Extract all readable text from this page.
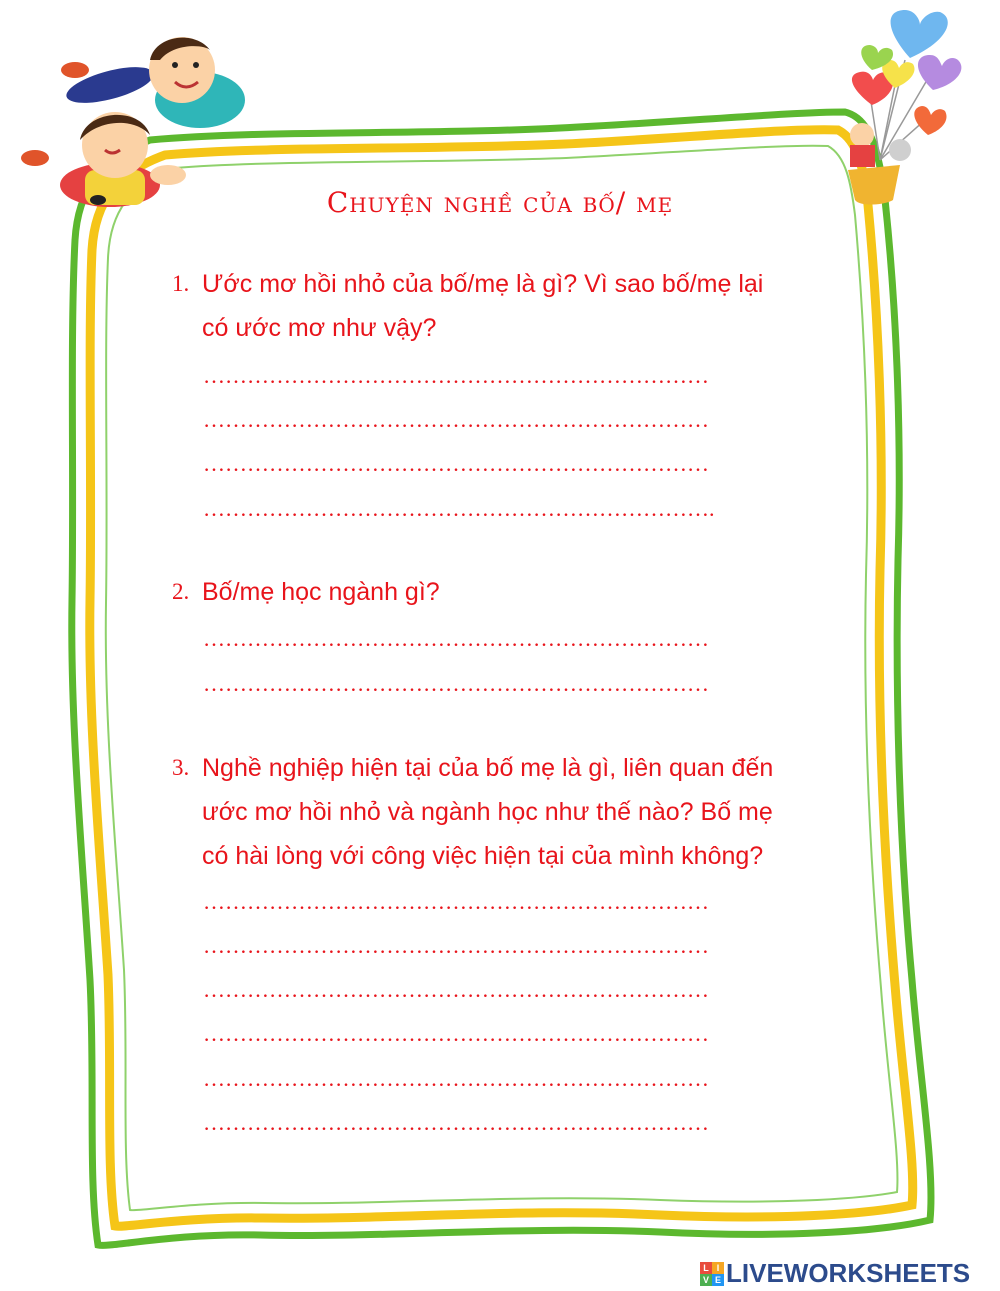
Chuyện nghề của bố/ mẹ
1. Ước mơ hồi nhỏ của bố/mẹ là gì? Vì sao bố/mẹ lại
có ước mơ như vậy?
……………………………………………………………
……………………………………………………………
……………………………………………………………
…………………………………………………………….
2. Bố/mẹ học ngành gì?
……………………………………………………………
……………………………………………………………
3. Nghề nghiệp hiện tại của bố mẹ là gì, liên quan đến
ước mơ hồi nhỏ và ngành học như thế nào? Bố mẹ
có hài lòng với công việc hiện tại của mình không?
……………………………………………………………
……………………………………………………………
……………………………………………………………
……………………………………………………………
……………………………………………………………
……………………………………………………………
L I
V E LIVEWORKSHEETS
